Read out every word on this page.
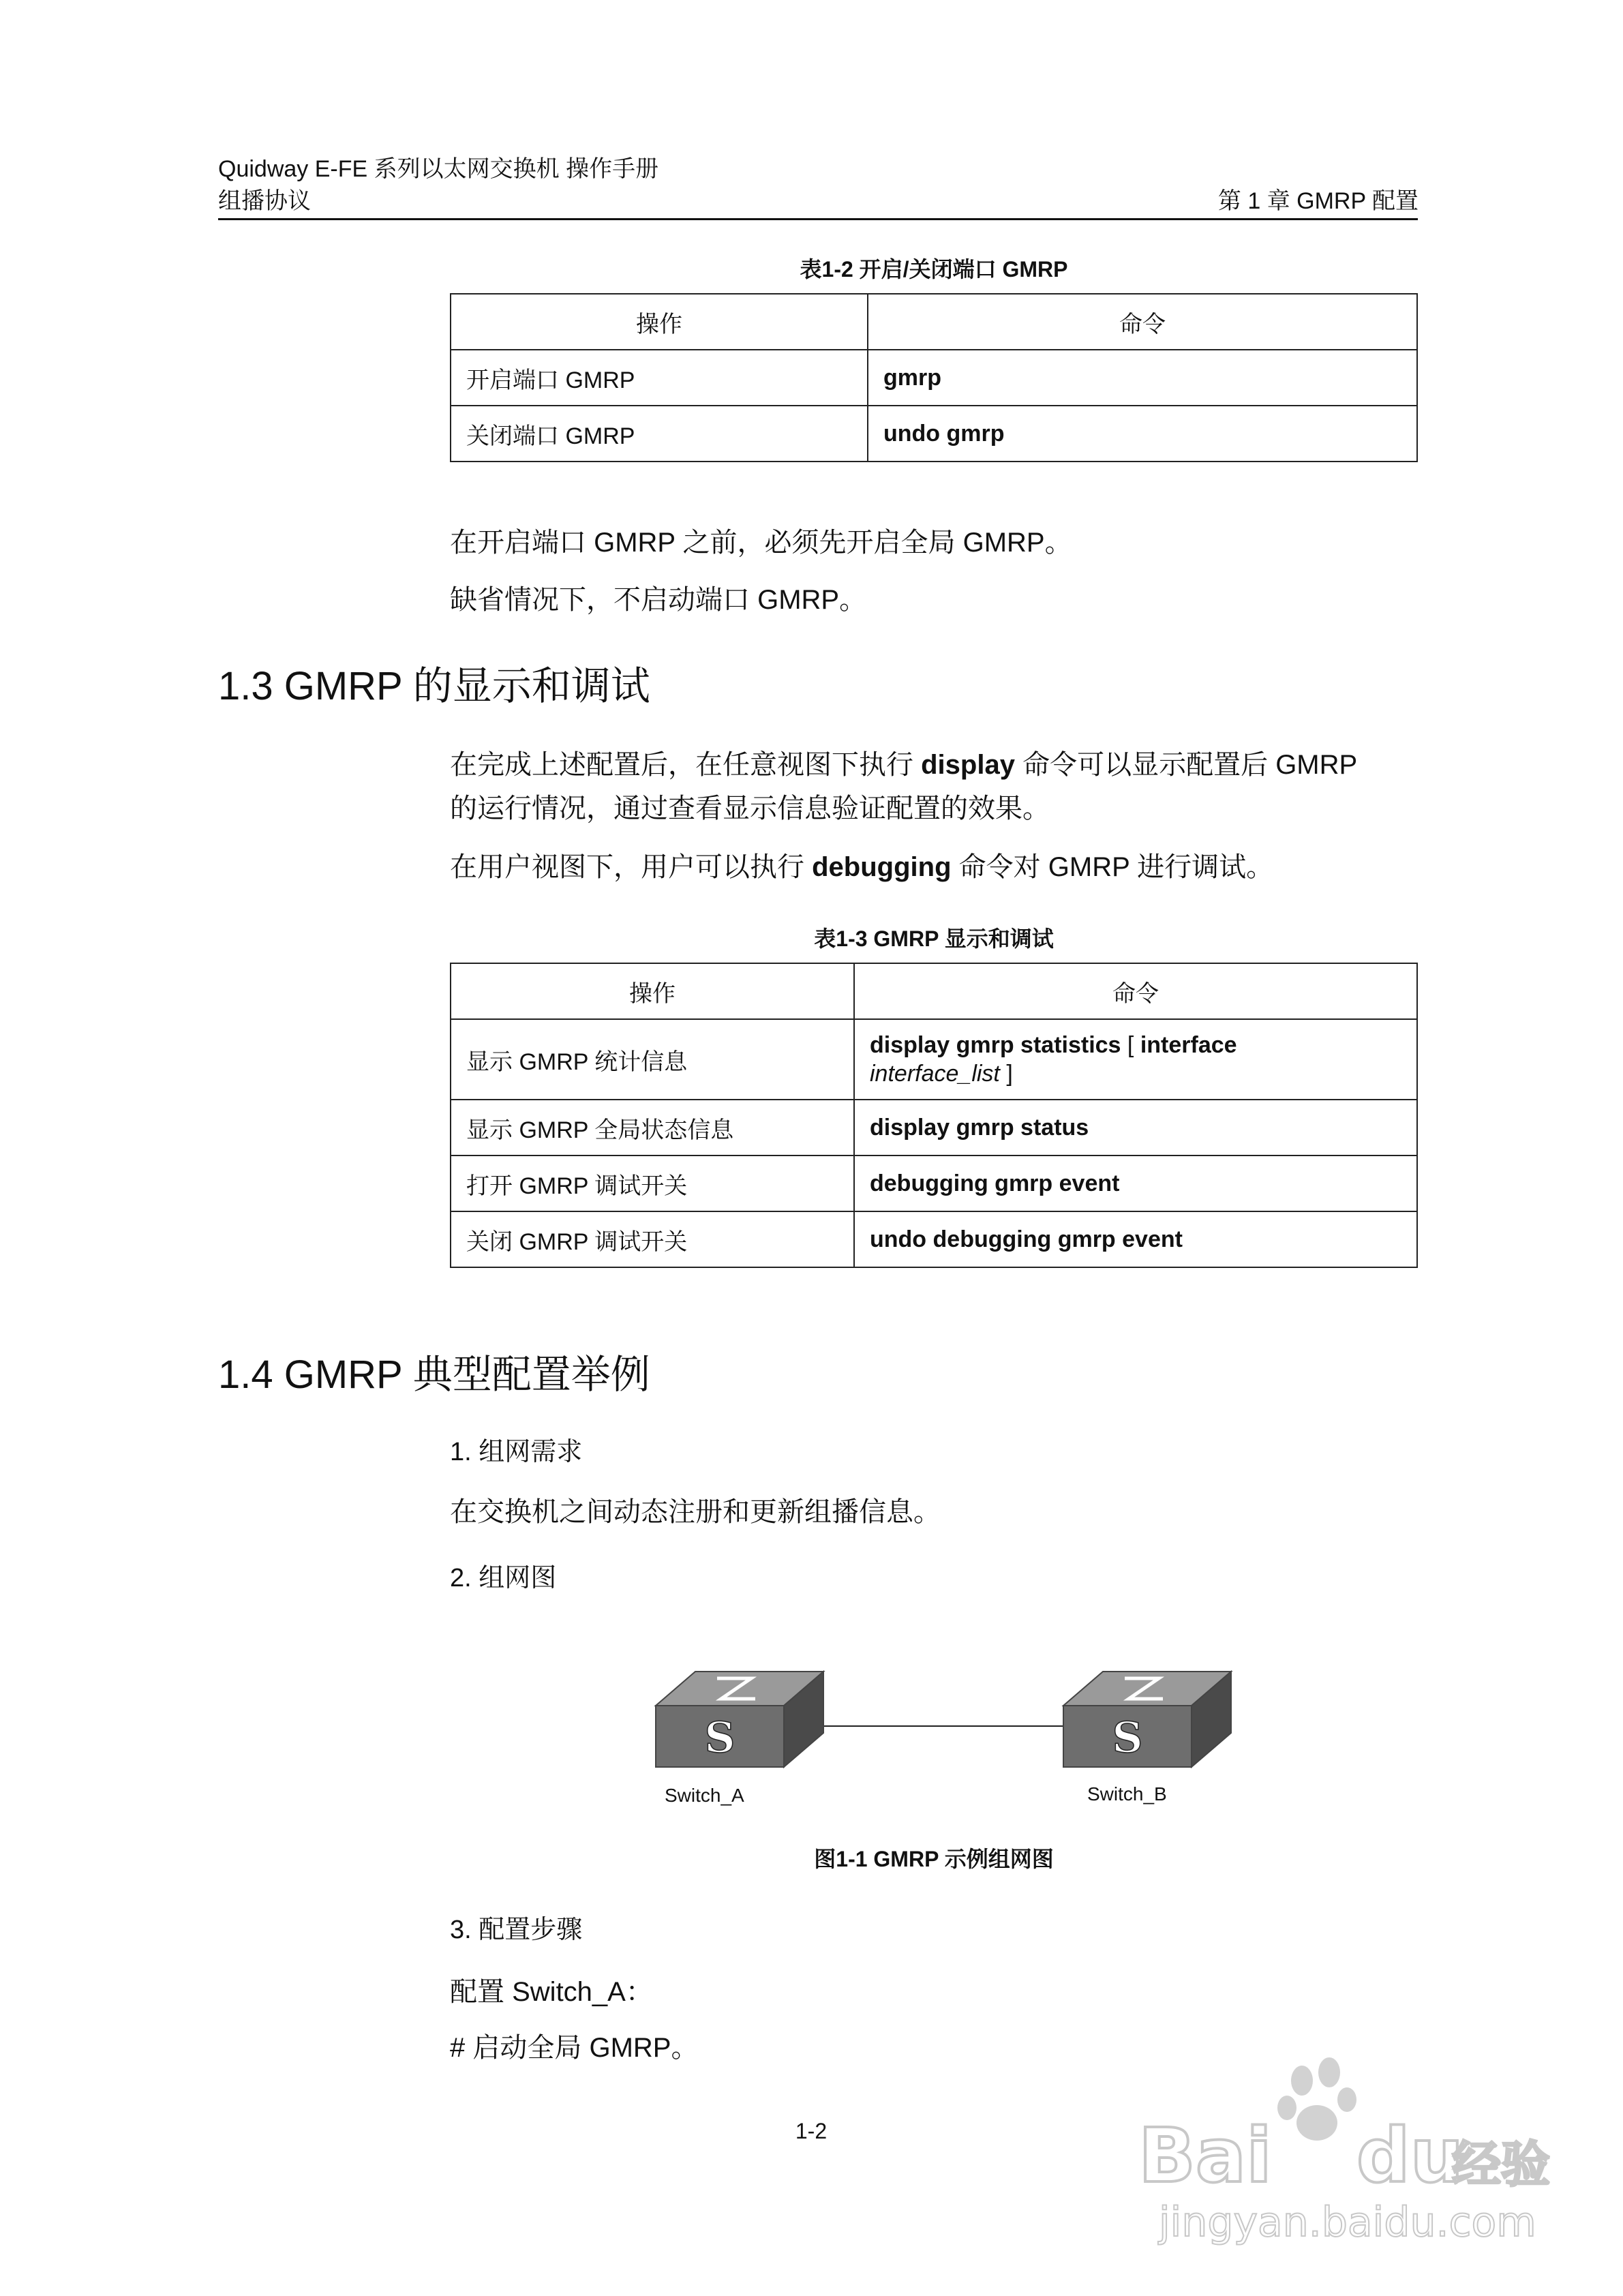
Quidway E-FE 系列以太网交换机 操作手册
组播协议	第 1 章 GMRP 配置
表1-2 开启/关闭端口 GMRP
操作	命令
开启端口 GMRP	gmrp
关闭端口 GMRP	undo gmrp
在开启端口 GMRP 之前，必须先开启全局 GMRP。
缺省情况下，不启动端口 GMRP。
1.3 GMRP 的显示和调试
在完成上述配置后，在任意视图下执行 display 命令可以显示配置后 GMRP
的运行情况，通过查看显示信息验证配置的效果。
在用户视图下，用户可以执行 debugging 命令对 GMRP 进行调试。
表1-3 GMRP 显示和调试
操作	命令
显示 GMRP 统计信息	display gmrp statistics [ interface
interface_list ]
显示 GMRP 全局状态信息	display gmrp status
打开 GMRP 调试开关	debugging gmrp event
关闭 GMRP 调试开关	undo debugging gmrp event
1.4 GMRP 典型配置举例
1. 组网需求
在交换机之间动态注册和更新组播信息。
2. 组网图
S	S
Switch_A	Switch_B
图1-1 GMRP 示例组网图
3. 配置步骤
配置 Switch_A：
# 启动全局 GMRP。
1-2	Bai du
经验
jingyan.baidu.com
